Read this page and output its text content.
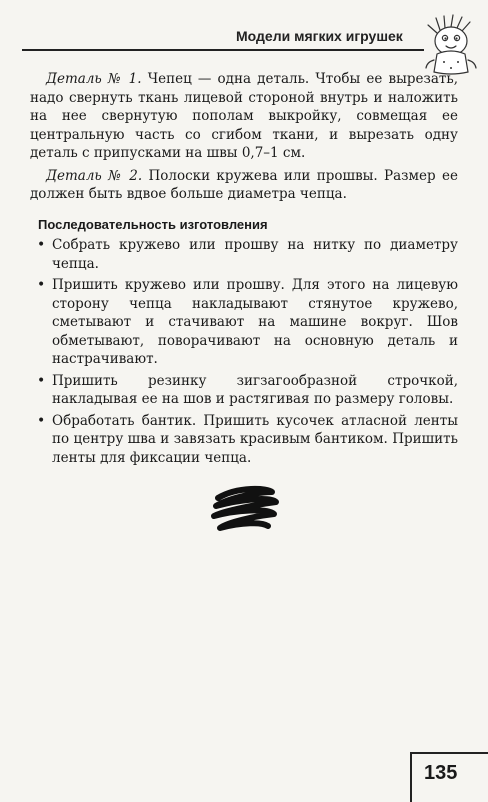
Модели мягких игрушек

Деталь № 1. Чепец — одна деталь. Чтобы ее вырезать, надо свернуть ткань лицевой стороной внутрь и наложить на нее свернутую пополам выкройку, совмещая ее центральную часть со сгибом ткани, и вырезать одну деталь с припусками на швы 0,7–1 см.

Деталь № 2. Полоски кружева или прошвы. Размер ее должен быть вдвое больше диаметра чепца.

Последовательность изготовления
• Собрать кружево или прошву на нитку по диаметру чепца.
• Пришить кружево или прошву. Для этого на лицевую сторону чепца накладывают стянутое кружево, сметывают и стачивают на машине вокруг. Шов обметывают, поворачивают на основную деталь и настрачивают.
• Пришить резинку зигзагообразной строчкой, накладывая ее на шов и растягивая по размеру головы.
• Обработать бантик. Пришить кусочек атласной ленты по центру шва и завязать красивым бантиком. Пришить ленты для фиксации чепца.
135
